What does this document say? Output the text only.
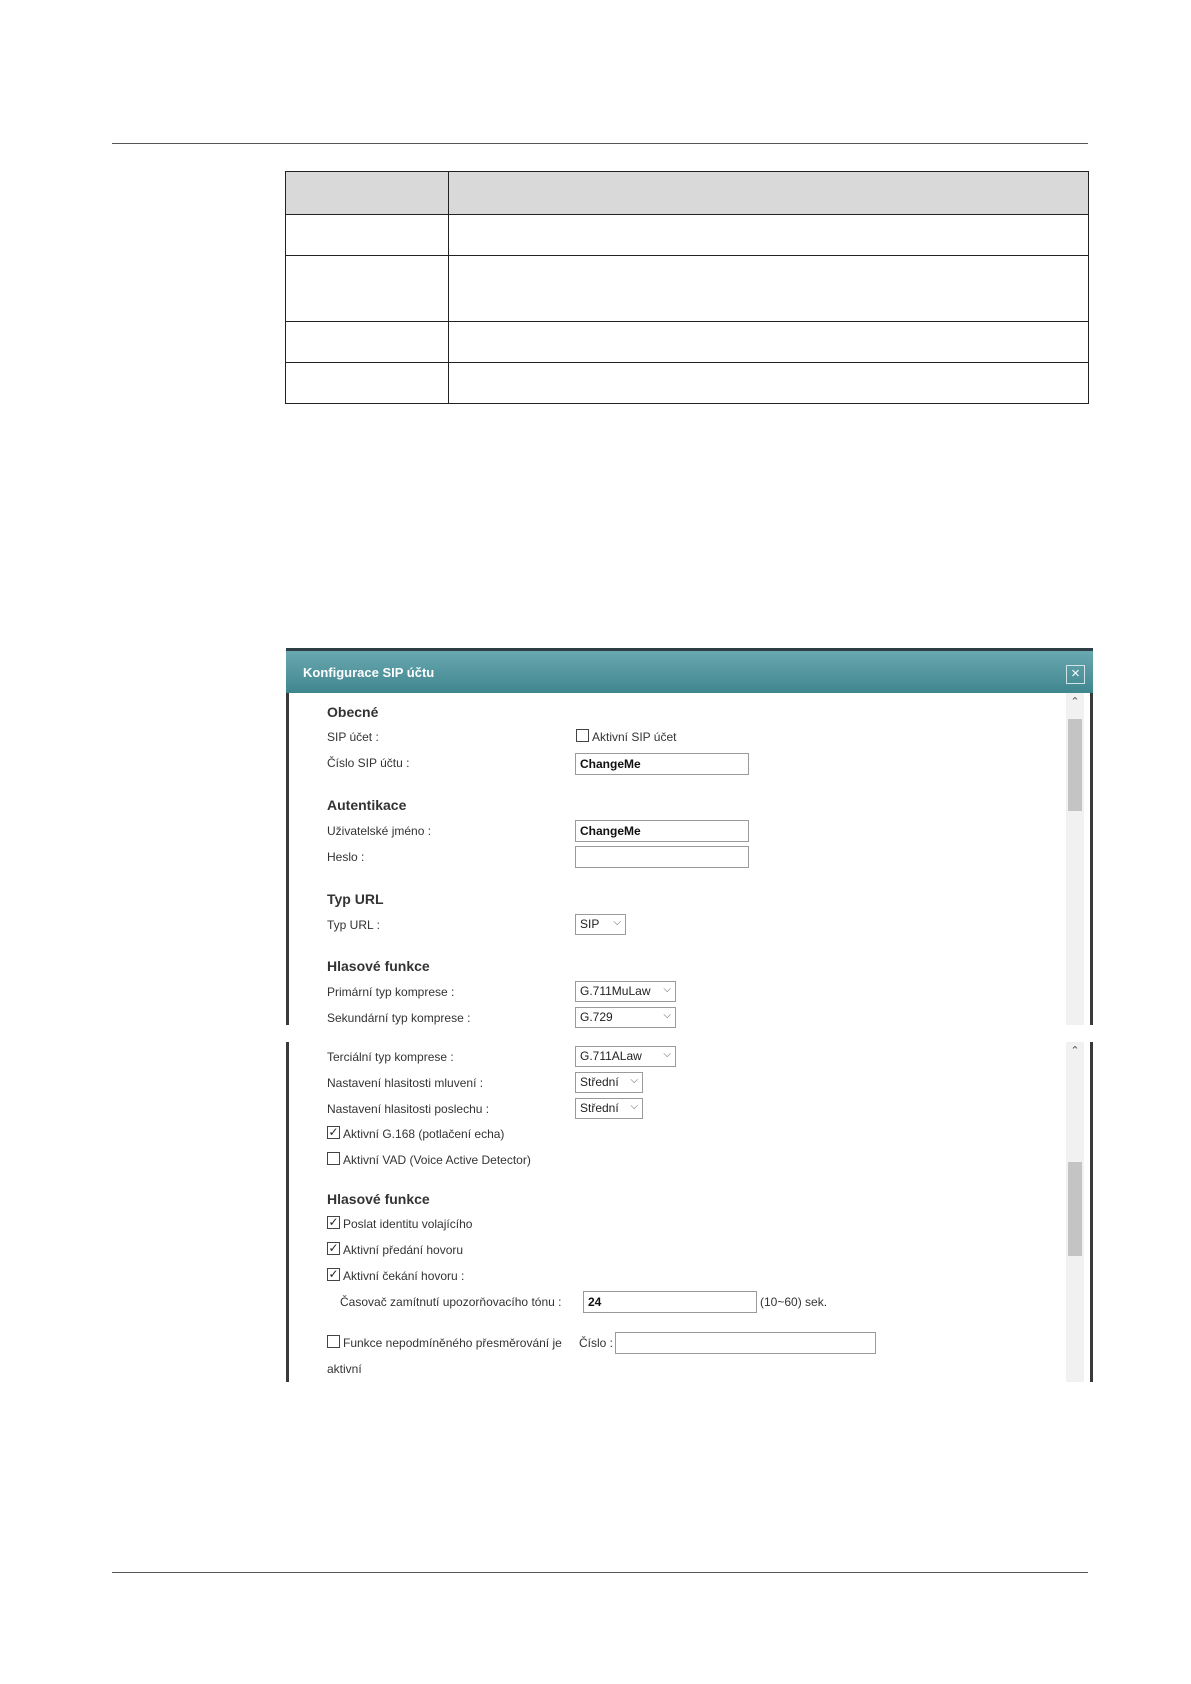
Konfigurace SIP účtu	×
⌃
Obecné
SIP účet :	Aktivní SIP účet
Číslo SIP účtu :	ChangeMe
Autentikace
Uživatelské jméno :	ChangeMe
Heslo :
Typ URL
Typ URL :	SIP ⌵
Hlasové funkce
Primární typ komprese :	G.711MuLaw ⌵
Sekundární typ komprese :	G.729	⌵
⌃
Terciální typ komprese :	G.711ALaw ⌵
Nastavení hlasitosti mluvení :	Střední ⌵
Nastavení hlasitosti poslechu :	Střední ⌵
✓ Aktivní G.168 (potlačení echa)
Aktivní VAD (Voice Active Detector)
Hlasové funkce
✓ Poslat identitu volajícího
✓ Aktivní předání hovoru
✓ Aktivní čekání hovoru :
Časovač zamítnutí upozorňovacího tónu :	24	(10~60) sek.
Funkce nepodmíněného přesměrování je Číslo :
aktivní
